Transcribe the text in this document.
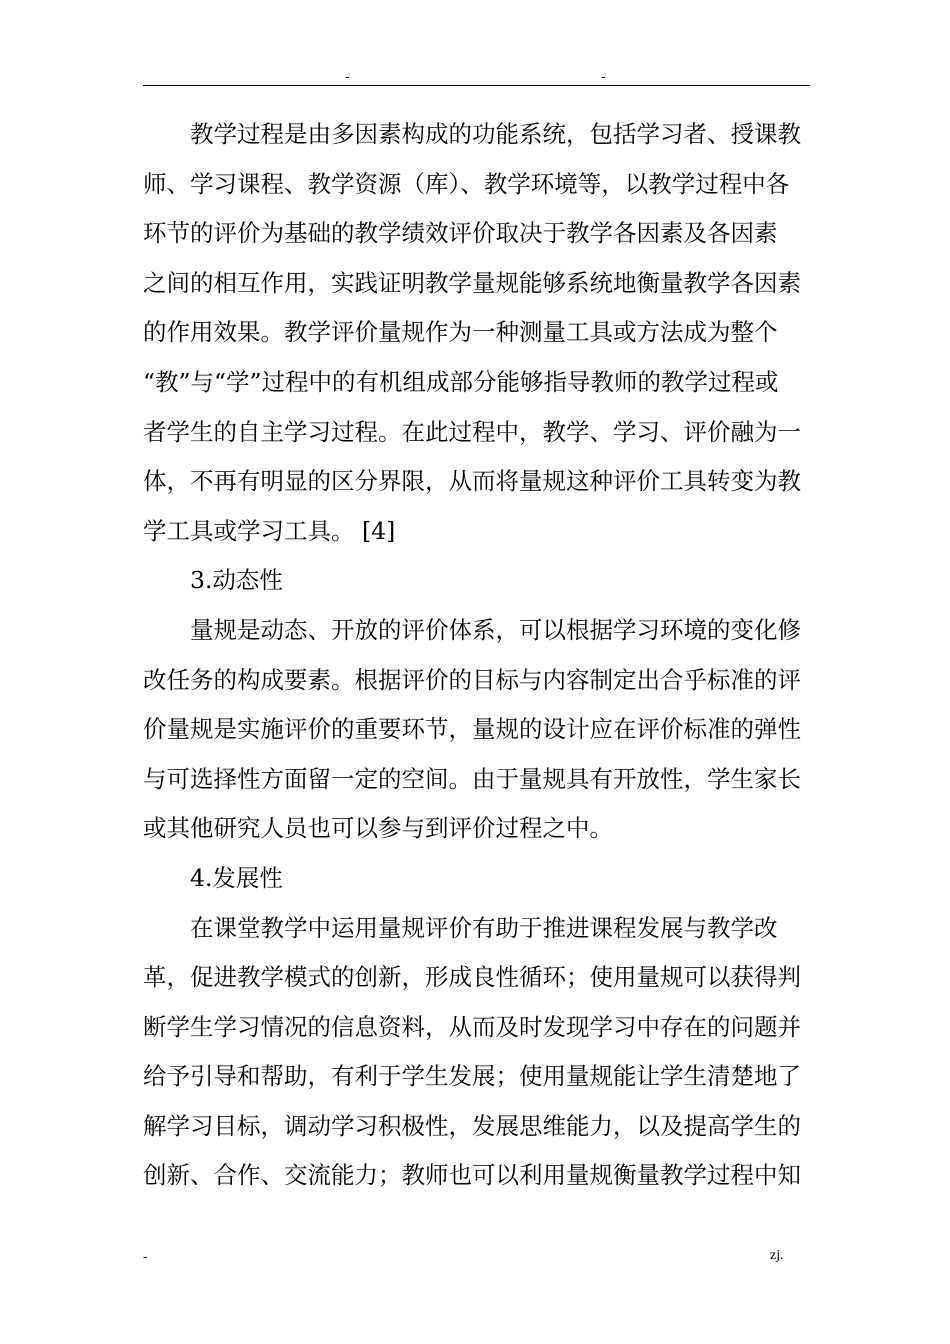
-	-
教学过程是由多因素构成的功能系统，包括学习者、授课教
师、学习课程、教学资源（库）、教学环境等，以教学过程中各
环节的评价为基础的教学绩效评价取决于教学各因素及各因素
之间的相互作用，实践证明教学量规能够系统地衡量教学各因素
的作用效果。教学评价量规作为一种测量工具或方法成为整个
“教”与“学”过程中的有机组成部分能够指导教师的教学过程或
者学生的自主学习过程。在此过程中，教学、学习、评价融为一
体，不再有明显的区分界限，从而将量规这种评价工具转变为教
学工具或学习工具。 [4]
3.动态性
量规是动态、开放的评价体系，可以根据学习环境的变化修
改任务的构成要素。根据评价的目标与内容制定出合乎标准的评
价量规是实施评价的重要环节，量规的设计应在评价标准的弹性
与可选择性方面留一定的空间。由于量规具有开放性，学生家长
或其他研究人员也可以参与到评价过程之中。
4.发展性
在课堂教学中运用量规评价有助于推进课程发展与教学改
革，促进教学模式的创新，形成良性循环；使用量规可以获得判
断学生学习情况的信息资料，从而及时发现学习中存在的问题并
给予引导和帮助，有利于学生发展；使用量规能让学生清楚地了
解学习目标，调动学习积极性，发展思维能力，以及提高学生的
创新、合作、交流能力；教师也可以利用量规衡量教学过程中知
-	zj.
